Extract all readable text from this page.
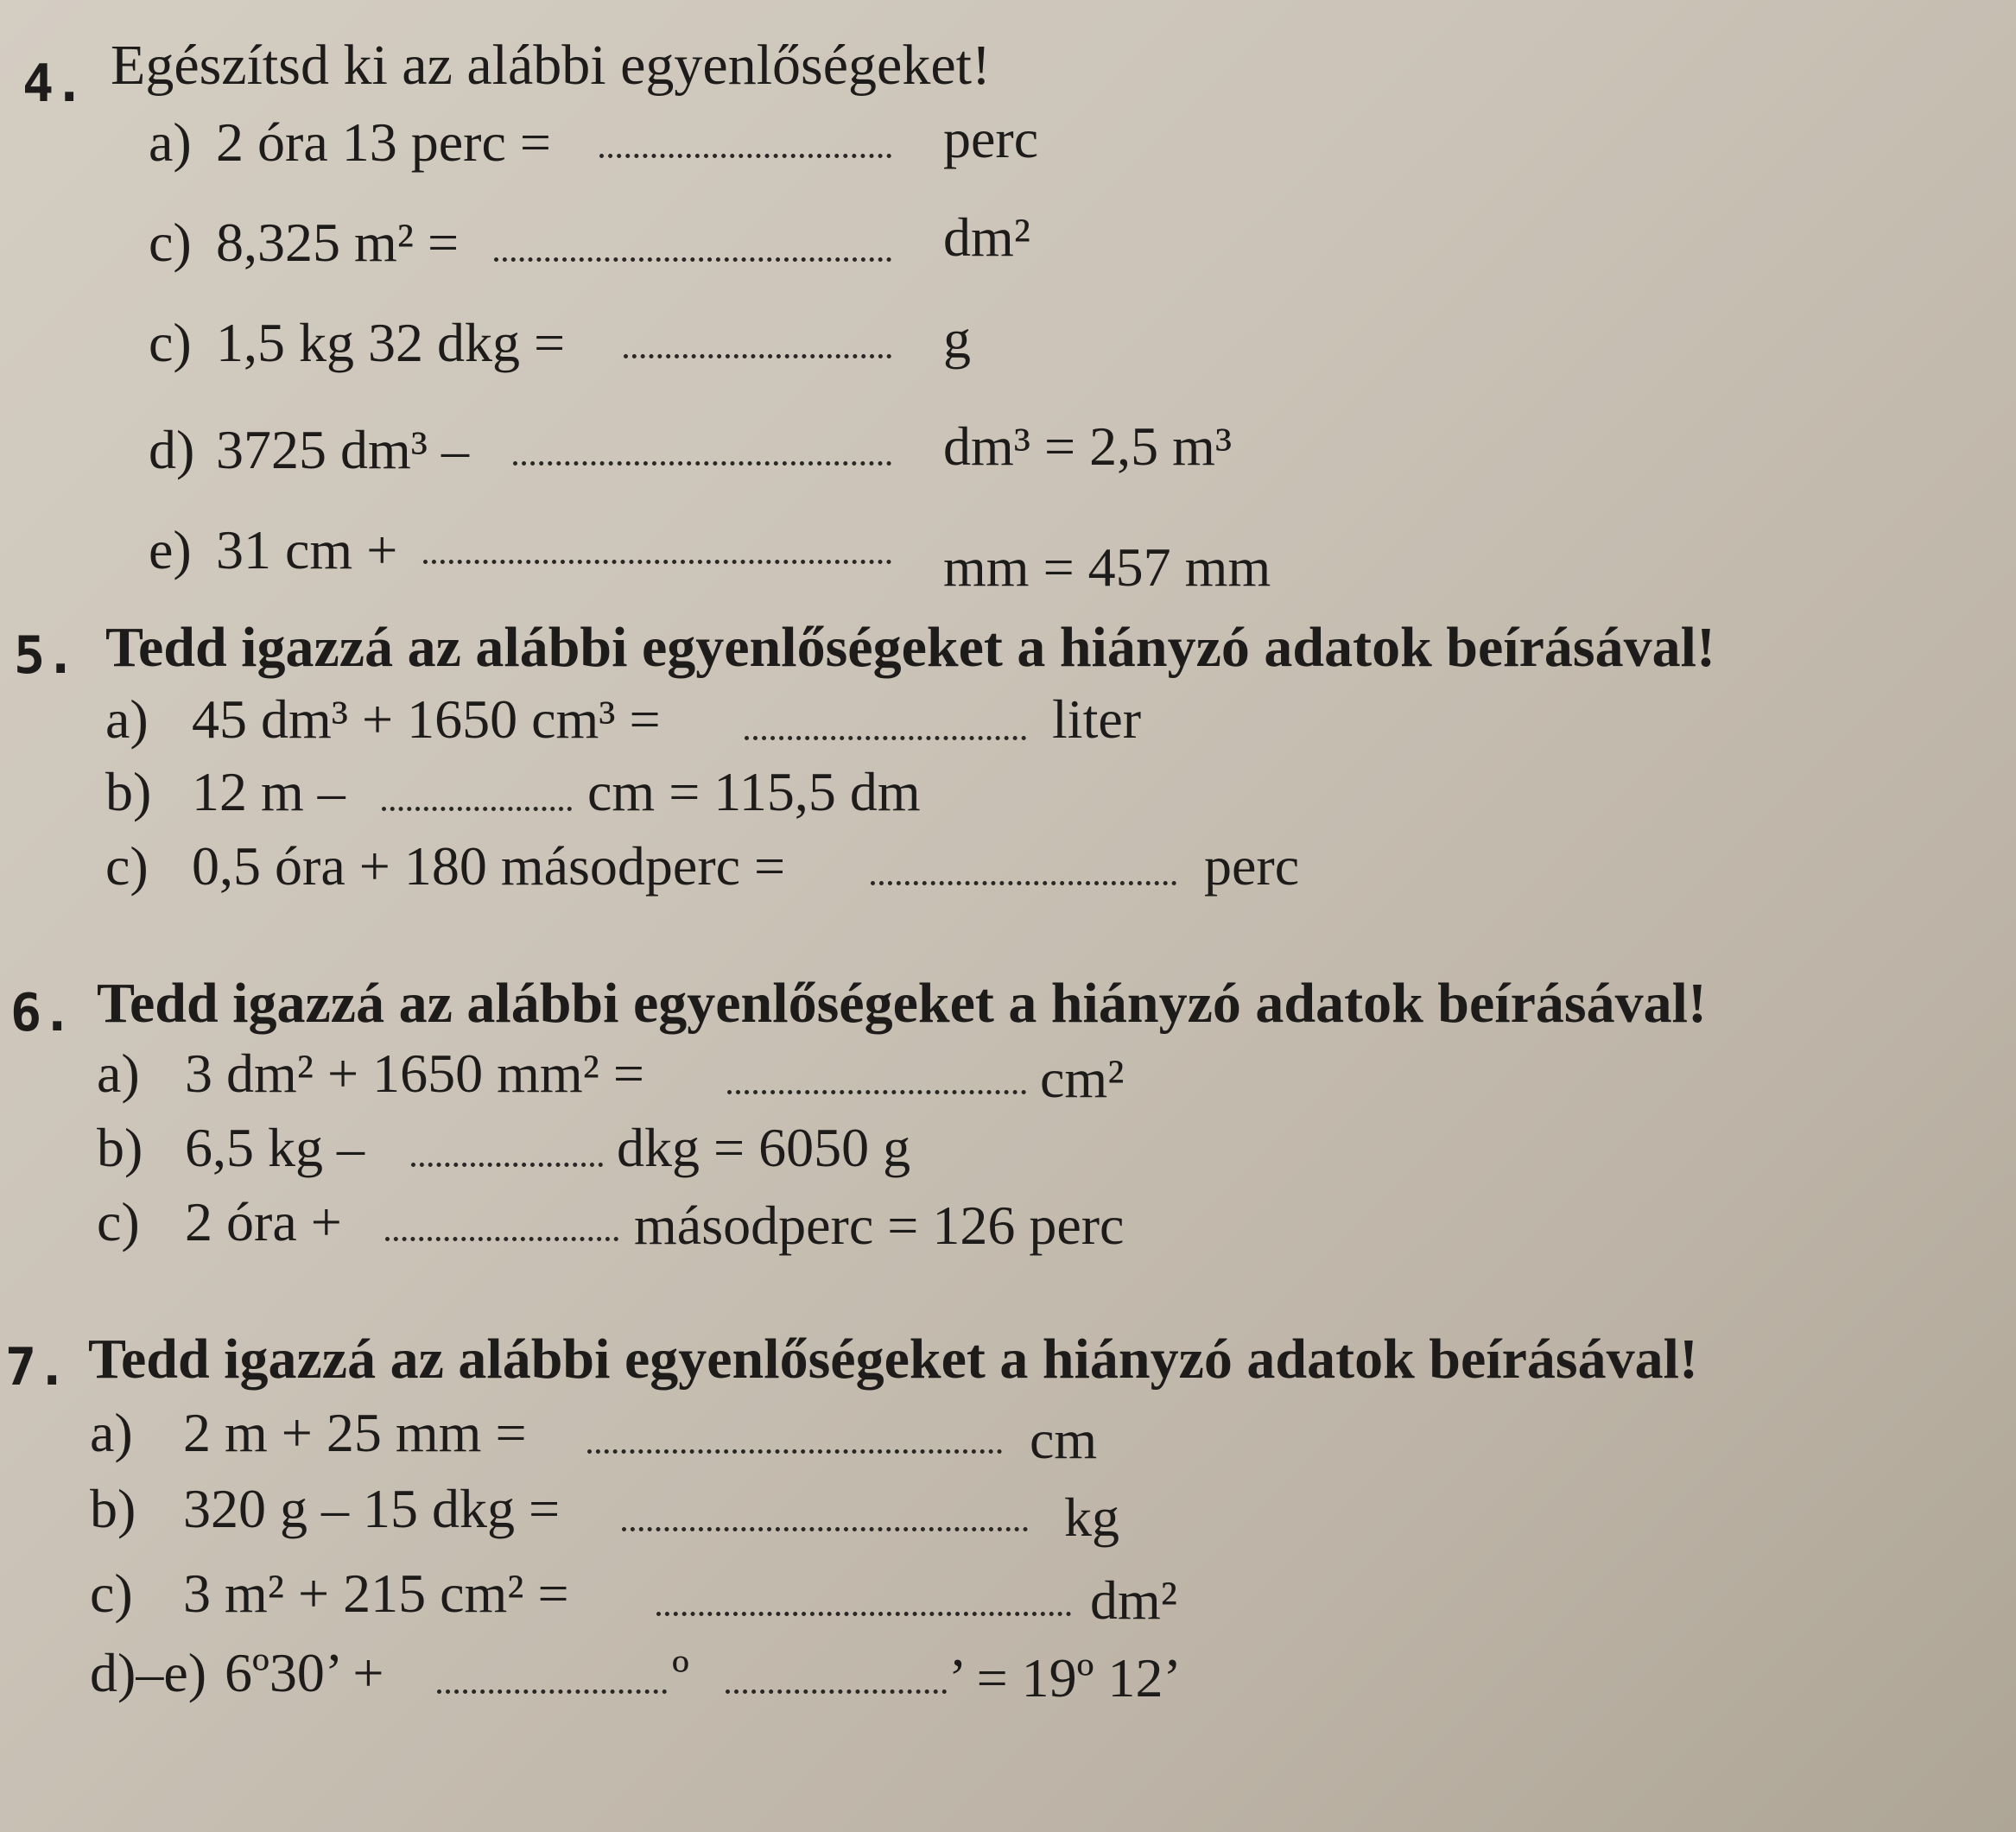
4. Egészítsd ki az alábbi egyenlőségeket!
a) 2 óra 13 perc =	perc
c) 8,325 m² =	dm²
c) 1,5 kg 32 dkg =	g
d) 3725 dm³ –	dm³ = 2,5 m³
e) 31 cm +	mm = 457 mm
5. Tedd igazzá az alábbi egyenlőségeket a hiányzó adatok beírásával!
a) 45 dm³ + 1650 cm³ =	liter
b) 12 m –	cm = 115,5 dm
c) 0,5 óra + 180 másodperc =	perc
6. Tedd igazzá az alábbi egyenlőségeket a hiányzó adatok beírásával!
a) 3 dm² + 1650 mm² =	cm²
b) 6,5 kg –	dkg = 6050 g
c) 2 óra +	másodperc = 126 perc
7. Tedd igazzá az alábbi egyenlőségeket a hiányzó adatok beírásával!
a) 2 m + 25 mm =	cm
b) 320 g – 15 dkg =	kg
c) 3 m² + 215 cm² =	dm²
d)–e) 6º30’ +	º	’ = 19º 12’
